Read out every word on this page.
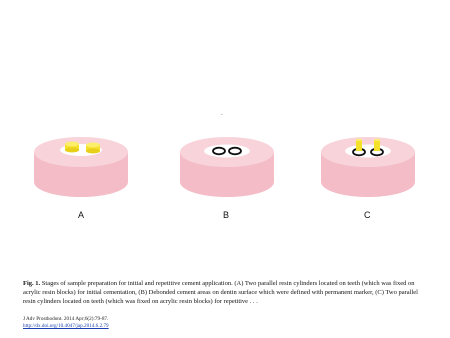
-
A	B	C
Fig. 1. Stages of sample preparation for initial and repetitive cement application. (A) Two parallel resin cylinders located on teeth (which was fixed on acrylic resin blocks) for initial cementation, (B) Debonded cement areas on dentin surface which were defined with permanent marker, (C) Two parallel resin cylinders located on teeth (which was fixed on acrylic resin blocks) for repetitive . . .
J Adv Prosthodont. 2014 Apr;6(2):79-87.
http://dx.doi.org/10.4047/jap.2014.6.2.79
